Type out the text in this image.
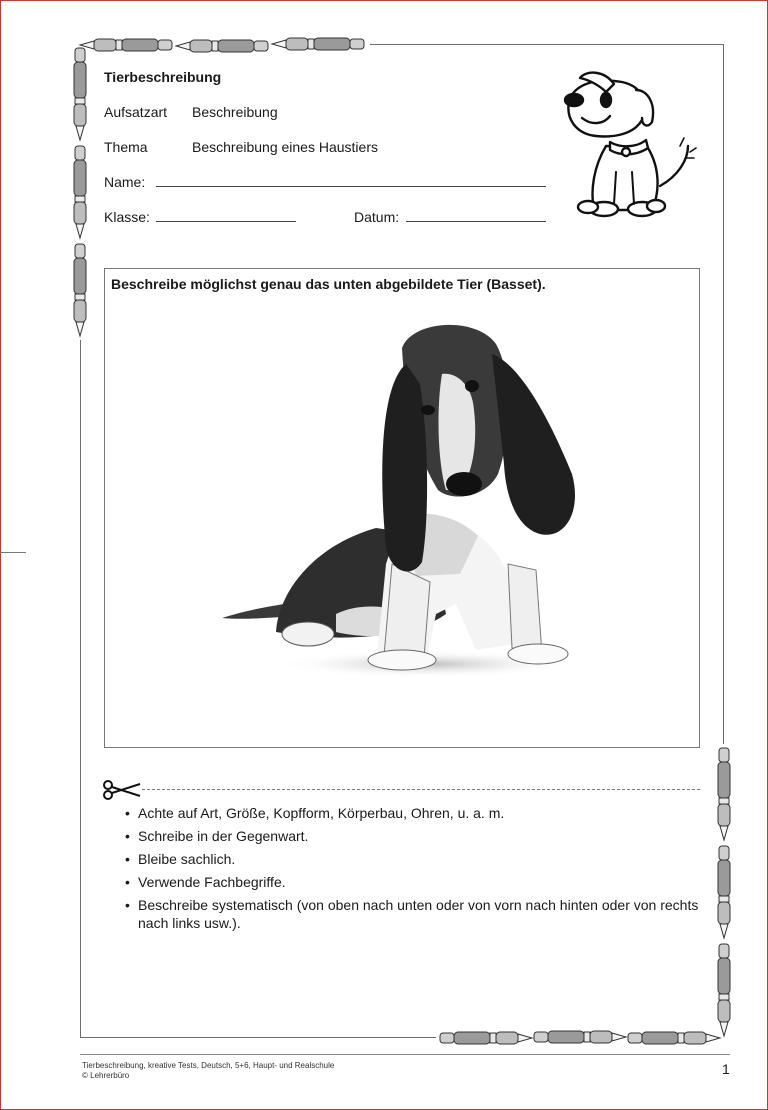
Tierbeschreibung
Aufsatzart Beschreibung
Thema	Beschreibung eines Haustiers
Name:
Klasse:	Datum:
Beschreibe möglichst genau das unten abgebildete Tier (Basset).
• Achte auf Art, Größe, Kopfform, Körperbau, Ohren, u. a. m.
• Schreibe in der Gegenwart.
• Bleibe sachlich.
• Verwende Fachbegriffe.
• Beschreibe systematisch (von oben nach unten oder von vorn nach hinten oder von rechts nach links usw.).
Tierbeschreibung, kreative Tests, Deutsch, 5+6, Haupt- und Realschule
© Lehrerbüro	1
